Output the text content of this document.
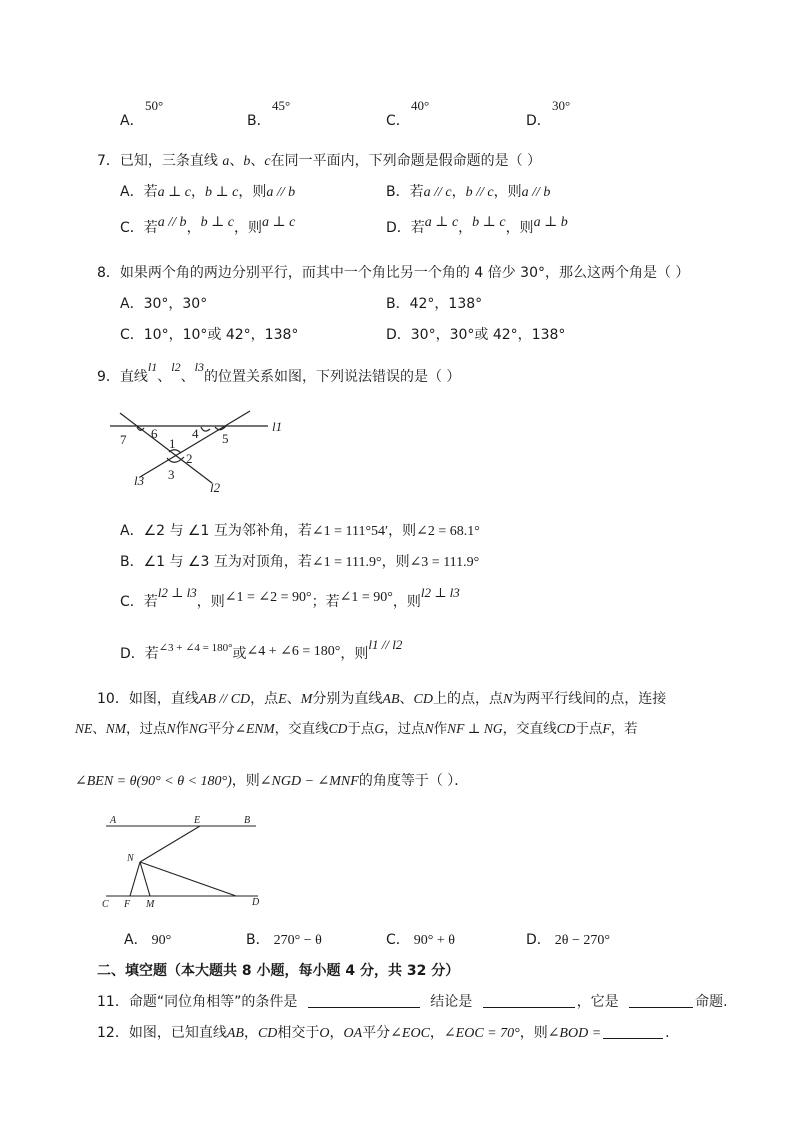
A．
50°
B．
45°
C．
40°
D．
30°
7．已知，三条直线 a、b、c在同一平面内，下列命题是假命题的是（ ）
A．若a ⊥ c，b ⊥ c，则a // b	B．若a // c，b // c，则a // b
C．若a // b，b ⊥ c，则a ⊥ c	D．若a ⊥ c，b ⊥ c，则a ⊥ b
8．如果两个角的两边分别平行，而其中一个角比另一个角的 4 倍少 30°，那么这两个角是（ ）
A．30°，30°	B．42°，138°
C．10°，10°或 42°，138°	D．30°，30°或 42°，138°
9．直线l1、l2、l3的位置关系如图，下列说法错误的是（ ）
l1
l2
l3
1
2
3
4 5
6
7
A．∠2 与 ∠1 互为邻补角，若∠1 = 111°54′，则∠2 = 68.1°
B．∠1 与 ∠3 互为对顶角，若∠1 = 111.9°，则∠3 = 111.9°
C．若l2 ⊥ l3，则∠1 = ∠2 = 90°；若∠1 = 90°，则l2 ⊥ l3
D．若$^{\angle 3 + \angle 4 = 180^\circ}$或∠4 + ∠6 = 180°，则l1 // l2
10．如图，直线AB // CD，点E、M分别为直线AB、CD上的点，点N为两平行线间的点，连接
NE、NM，过点N作NG平分∠ENM，交直线CD于点G，过点N作NF ⊥ NG，交直线CD于点F，若
∠BEN = θ(90° < θ < 180°)，则∠NGD − ∠MNF的角度等于（ ）．
A	E	B
N
C F M	D
A． 90°	B． 270° − θ	C． 90° + θ	D． 2θ − 270°
二、填空题（本大题共 8 小题，每小题 4 分，共 32 分）
11．命题“同位角相等”的条件是	结论是	，它是	命题.
12．如图，已知直线AB，CD相交于O，OA平分∠EOC，∠EOC = 70°，则∠BOD =	.
